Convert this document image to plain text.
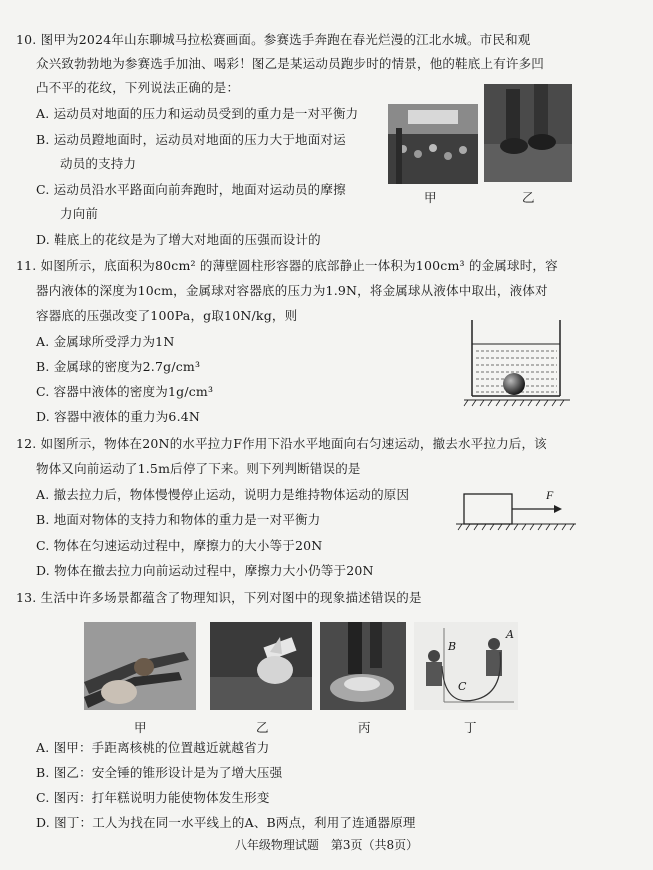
10. 图甲为2024年山东聊城马拉松赛画面。参赛选手奔跑在春光烂漫的江北水城。市民和观
众兴致勃勃地为参赛选手加油、喝彩！图乙是某运动员跑步时的情景，他的鞋底上有许多凹
凸不平的花纹，下列说法正确的是：
A. 运动员对地面的压力和运动员受到的重力是一对平衡力
B. 运动员蹬地面时，运动员对地面的压力大于地面对运
动员的支持力
C. 运动员沿水平路面向前奔跑时，地面对运动员的摩擦
力向前
D. 鞋底上的花纹是为了增大对地面的压强而设计的
甲	乙
11. 如图所示，底面积为80cm² 的薄壁圆柱形容器的底部静止一体积为100cm³ 的金属球时，容
器内液体的深度为10cm，金属球对容器底的压力为1.9N，将金属球从液体中取出，液体对
容器底的压强改变了100Pa，g取10N/kg，则
A. 金属球所受浮力为1N
B. 金属球的密度为2.7g/cm³
C. 容器中液体的密度为1g/cm³
D. 容器中液体的重力为6.4N
12. 如图所示，物体在20N的水平拉力F作用下沿水平地面向右匀速运动，撤去水平拉力后，该
物体又向前运动了1.5m后停了下来。则下列判断错误的是
A. 撤去拉力后，物体慢慢停止运动，说明力是维持物体运动的原因
B. 地面对物体的支持力和物体的重力是一对平衡力
C. 物体在匀速运动过程中，摩擦力的大小等于20N
D. 物体在撤去拉力向前运动过程中，摩擦力大小仍等于20N
F
13. 生活中许多场景都蕴含了物理知识，下列对图中的现象描述错误的是
B
A
C
甲	乙	丙	丁
A. 图甲：手距离核桃的位置越近就越省力
B. 图乙：安全锤的锥形设计是为了增大压强
C. 图丙：打年糕说明力能使物体发生形变
D. 图丁：工人为找在同一水平线上的A、B两点，利用了连通器原理
八年级物理试题　第3页（共8页）
